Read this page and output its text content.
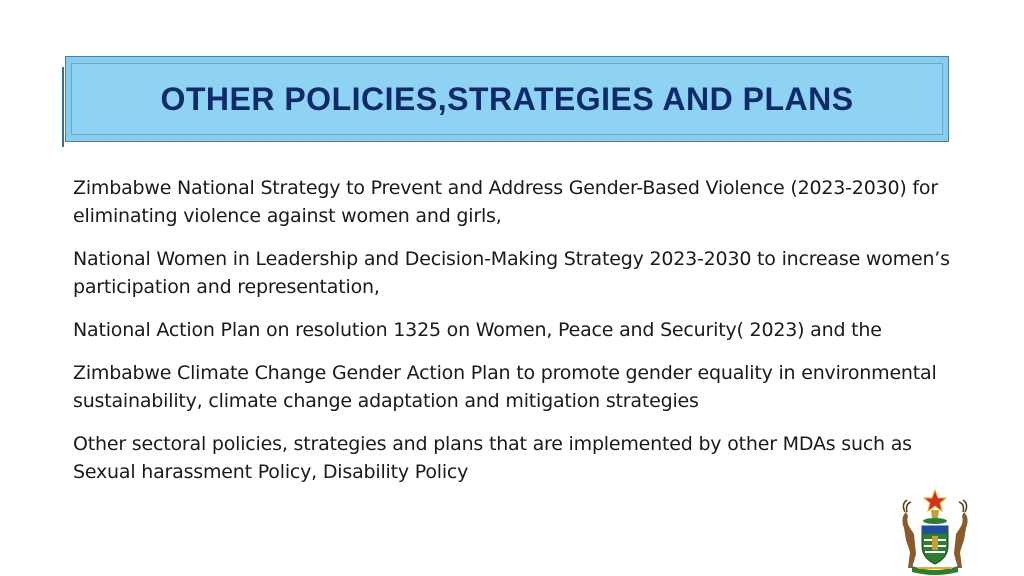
OTHER POLICIES,STRATEGIES AND PLANS

Zimbabwe National Strategy to Prevent and Address Gender-Based Violence (2023-2030) for eliminating violence against women and girls,

National Women in Leadership and Decision-Making Strategy 2023-2030 to increase women’s participation and representation,

National Action Plan on resolution 1325 on Women, Peace and Security( 2023) and the

Zimbabwe Climate Change Gender Action Plan to promote gender equality in environmental sustainability, climate change adaptation and mitigation strategies

Other sectoral policies, strategies and plans that are implemented by other MDAs such as Sexual harassment Policy, Disability Policy
